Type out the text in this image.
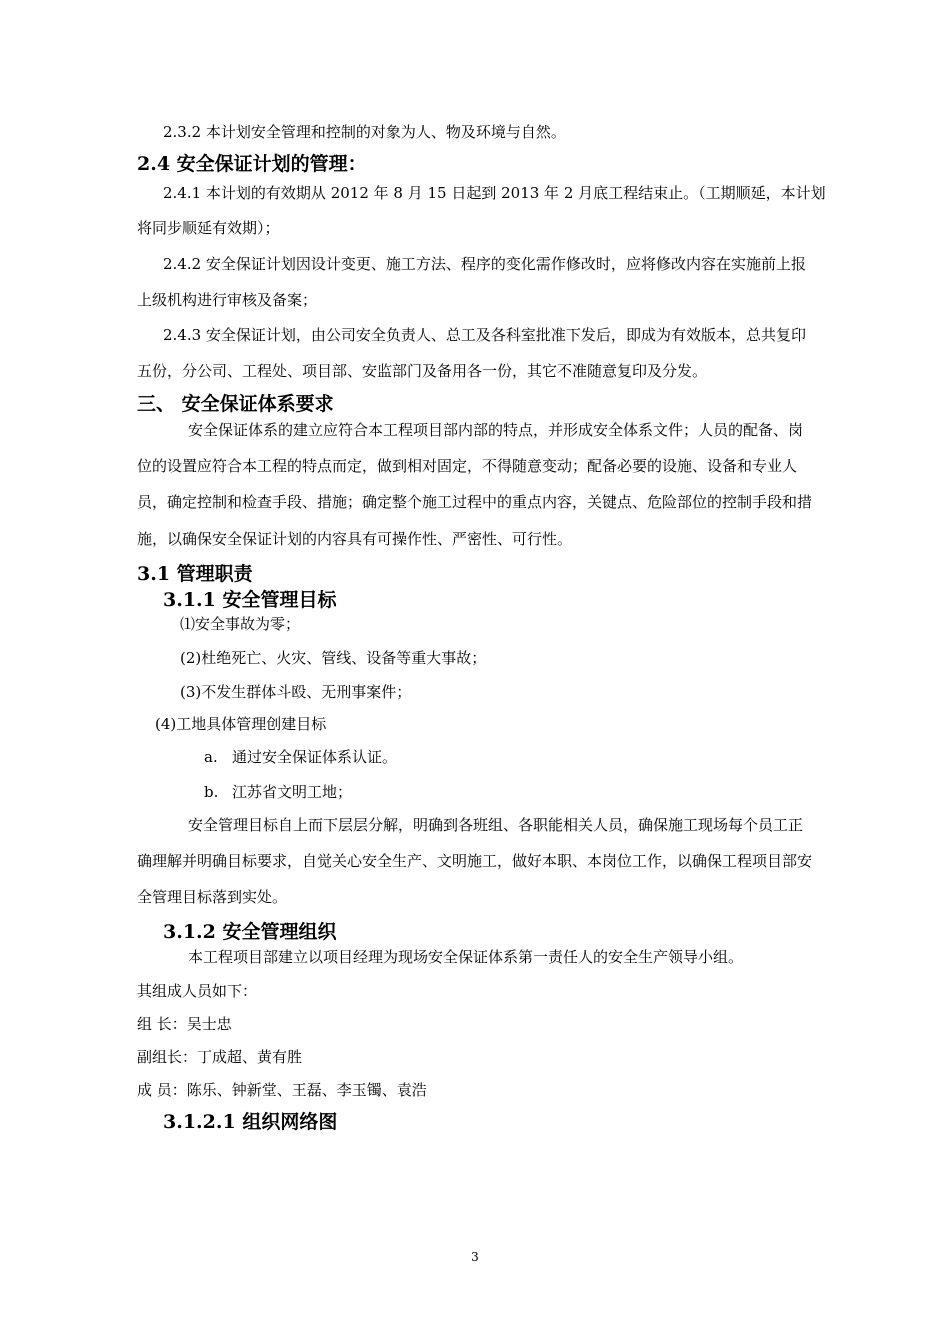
2.3.2 本计划安全管理和控制的对象为人、物及环境与自然。
2.4 安全保证计划的管理：
2.4.1 本计划的有效期从 2012 年 8 月 15 日起到 2013 年 2 月底工程结束止。（工期顺延，本计划
将同步顺延有效期）；
2.4.2 安全保证计划因设计变更、施工方法、程序的变化需作修改时，应将修改内容在实施前上报
上级机构进行审核及备案；
2.4.3 安全保证计划，由公司安全负责人、总工及各科室批准下发后，即成为有效版本，总共复印
五份，分公司、工程处、项目部、安监部门及备用各一份，其它不准随意复印及分发。
三、 安全保证体系要求
安全保证体系的建立应符合本工程项目部内部的特点，并形成安全体系文件；人员的配备、岗
位的设置应符合本工程的特点而定，做到相对固定，不得随意变动；配备必要的设施、设备和专业人
员，确定控制和检查手段、措施；确定整个施工过程中的重点内容，关键点、危险部位的控制手段和措
施，以确保安全保证计划的内容具有可操作性、严密性、可行性。
3.1 管理职责
3.1.1 安全管理目标
⑴安全事故为零；
(2)杜绝死亡、火灾、管线、设备等重大事故；
(3)不发生群体斗殴、无刑事案件；
(4)工地具体管理创建目标
a. 通过安全保证体系认证。
b. 江苏省文明工地；
安全管理目标自上而下层层分解，明确到各班组、各职能相关人员，确保施工现场每个员工正
确理解并明确目标要求，自觉关心安全生产、文明施工，做好本职、本岗位工作，以确保工程项目部安
全管理目标落到实处。
3.1.2 安全管理组织
本工程项目部建立以项目经理为现场安全保证体系第一责任人的安全生产领导小组。
其组成人员如下：
组 长：吴士忠
副组长：丁成超、黄有胜
成 员：陈乐、钟新堂、王磊、李玉镯、袁浩
3.1.2.1 组织网络图
3
